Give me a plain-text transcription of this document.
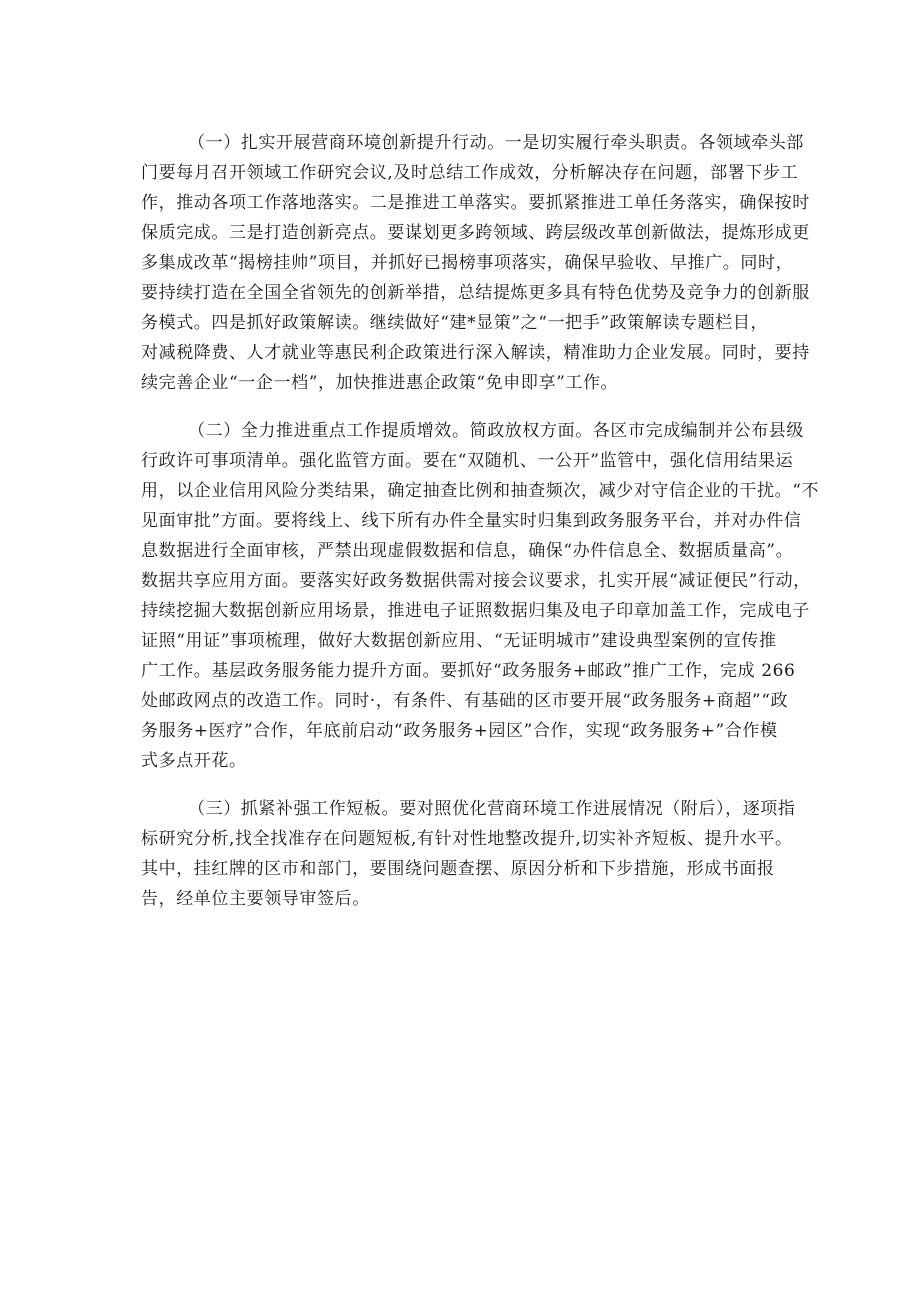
（一）扎实开展营商环境创新提升行动。一是切实履行牵头职责。各领域牵头部
门要每月召开领域工作研究会议,及时总结工作成效，分析解决存在问题，部署下步工
作，推动各项工作落地落实。二是推进工单落实。要抓紧推进工单任务落实，确保按时
保质完成。三是打造创新亮点。要谋划更多跨领域、跨层级改革创新做法，提炼形成更
多集成改革“揭榜挂帅”项目，并抓好已揭榜事项落实，确保早验收、早推广。同时，
要持续打造在全国全省领先的创新举措，总结提炼更多具有特色优势及竞争力的创新服
务模式。四是抓好政策解读。继续做好“建*显策”之“一把手”政策解读专题栏目，
对减税降费、人才就业等惠民利企政策进行深入解读，精准助力企业发展。同时，要持
续完善企业“一企一档”，加快推进惠企政策“免申即享”工作。
（二）全力推进重点工作提质增效。简政放权方面。各区市完成编制并公布县级
行政许可事项清单。强化监管方面。要在“双随机、一公开”监管中，强化信用结果运
用，以企业信用风险分类结果，确定抽查比例和抽查频次，减少对守信企业的干扰。“不
见面审批”方面。要将线上、线下所有办件全量实时归集到政务服务平台，并对办件信
息数据进行全面审核，严禁出现虚假数据和信息，确保“办件信息全、数据质量高”。
数据共享应用方面。要落实好政务数据供需对接会议要求，扎实开展“减证便民”行动，
持续挖掘大数据创新应用场景，推进电子证照数据归集及电子印章加盖工作，完成电子
证照“用证”事项梳理，做好大数据创新应用、“无证明城市”建设典型案例的宣传推
广工作。基层政务服务能力提升方面。要抓好“政务服务+邮政”推广工作，完成 266
处邮政网点的改造工作。同时·，有条件、有基础的区市要开展“政务服务+商超”“政
务服务+医疗”合作，年底前启动“政务服务+园区”合作，实现“政务服务+”合作模
式多点开花。
（三）抓紧补强工作短板。要对照优化营商环境工作进展情况（附后），逐项指
标研究分析,找全找准存在问题短板,有针对性地整改提升,切实补齐短板、提升水平。
其中，挂红牌的区市和部门，要围绕问题查摆、原因分析和下步措施，形成书面报
告，经单位主要领导审签后。
